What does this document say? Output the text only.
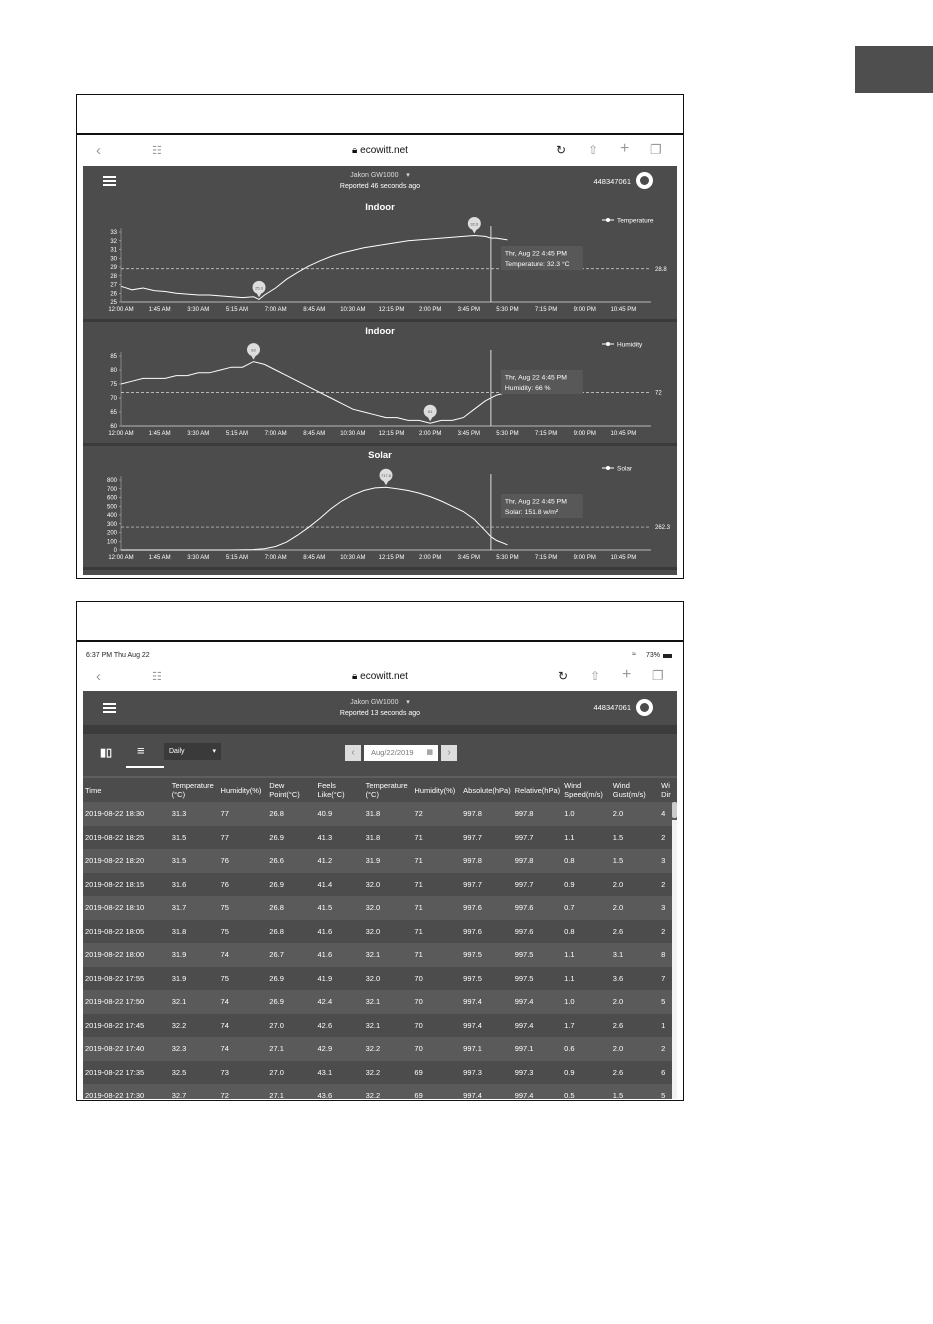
‹	☷	🔒︎ ecowitt.net	↻ ⇧ + ❐
Jakon GW1000 ▾
Reported 46 seconds ago
448347061
Indoor
Temperature
33
32
31
30
29
28
27
26
25
12:00 AM 1:45 AM	3:30 AM	5:15 AM	7:00 AM	8:45 AM 10:30 AM 12:15 PM 2:00 PM	3:45 PM	5:30 PM	7:15 PM	9:00 PM 10:45 PM
28.8
32.6
25.3
Thr, Aug 22 4:45 PM
Temperature: 32.3 °C
Indoor
Humidity
85
80
75
70
65
60
12:00 AM 1:45 AM	3:30 AM	5:15 AM	7:00 AM	8:45 AM 10:30 AM 12:15 PM 2:00 PM	3:45 PM	5:30 PM	7:15 PM	9:00 PM 10:45 PM
72
83
61
Thr, Aug 22 4:45 PM
Humidity: 66 %
Solar
Solar
800
700
600
500
400
300
200
100
0
12:00 AM 1:45 AM	3:30 AM	5:15 AM	7:00 AM	8:45 AM 10:30 AM 12:15 PM 2:00 PM	3:45 PM	5:30 PM	7:15 PM	9:00 PM 10:45 PM
262.3
717.6
Thr, Aug 22 4:45 PM
Solar: 151.8 w/m²
6:37 PM Thu Aug 22	≈ 73%
‹	☷	🔒︎ ecowitt.net	↻ ⇧ + ❐
Jakon GW1000 ▾
Reported 13 seconds ago
448347061
▮▯ ≡	Daily	▾	‹	Aug/22/2019 ▦	›
Time	Temperature (°C)	Humidity(%)	Dew Point(°C)	Feels Like(°C)	Temperature (°C)	Humidity(%)	Absolute(hPa)	Relative(hPa)	Wind Speed(m/s)	Wind Gust(m/s)	Wi Dir
2019-08-22 18:30	31.3	77	26.8	40.9	31.8	72	997.8	997.8	1.0	2.0	4
2019-08-22 18:25	31.5	77	26.9	41.3	31.8	71	997.7	997.7	1.1	1.5	2
2019-08-22 18:20	31.5	76	26.6	41.2	31.9	71	997.8	997.8	0.8	1.5	3
2019-08-22 18:15	31.6	76	26.9	41.4	32.0	71	997.7	997.7	0.9	2.0	2
2019-08-22 18:10	31.7	75	26.8	41.5	32.0	71	997.6	997.6	0.7	2.0	3
2019-08-22 18:05	31.8	75	26.8	41.6	32.0	71	997.6	997.6	0.8	2.6	2
2019-08-22 18:00	31.9	74	26.7	41.6	32.1	71	997.5	997.5	1.1	3.1	8
2019-08-22 17:55	31.9	75	26.9	41.9	32.0	70	997.5	997.5	1.1	3.6	7
2019-08-22 17:50	32.1	74	26.9	42.4	32.1	70	997.4	997.4	1.0	2.0	5
2019-08-22 17:45	32.2	74	27.0	42.6	32.1	70	997.4	997.4	1.7	2.6	1
2019-08-22 17:40	32.3	74	27.1	42.9	32.2	70	997.1	997.1	0.6	2.0	2
2019-08-22 17:35	32.5	73	27.0	43.1	32.2	69	997.3	997.3	0.9	2.6	6
2019-08-22 17:30	32.7	72	27.1	43.6	32.2	69	997.4	997.4	0.5	1.5	5
